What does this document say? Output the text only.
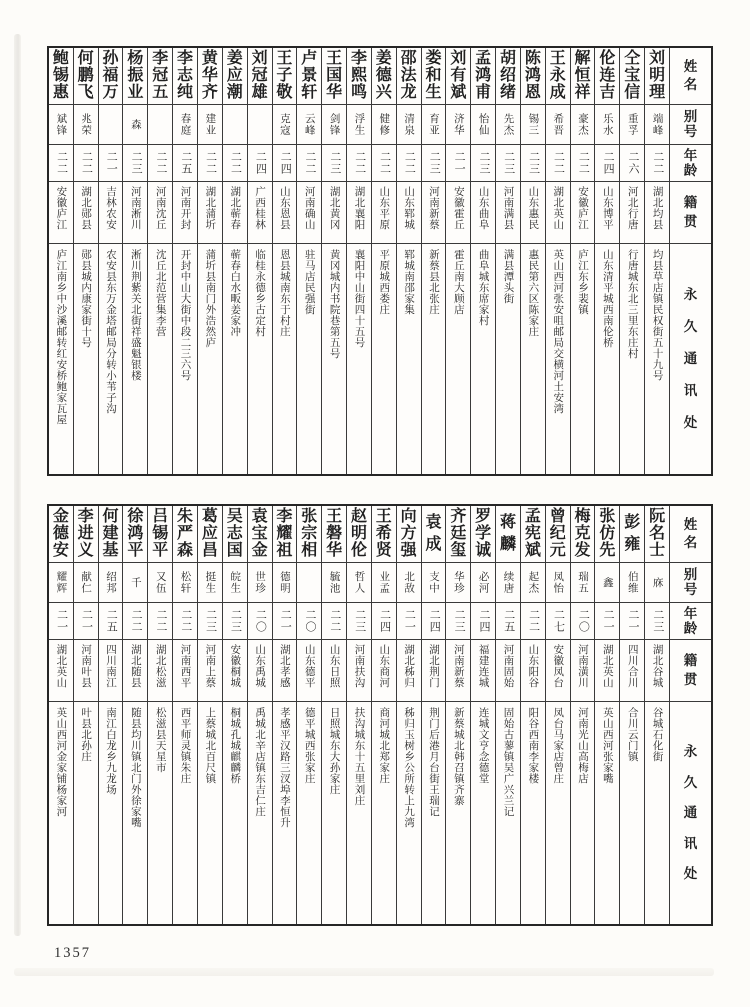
姓
名
别
号
年
龄
籍
贯
永
久
通
讯
处
刘
明
理
端峰
二二
湖北均县
均县草店镇民权街五十九号
仝
宝
信
重孚
二六
河北行唐
行唐城东北三里东庄村
伦
连
吉
乐水
二四
山东博平
山东清平城西南伦桥
解
恒
祥
豪杰
二二
安徽庐江
庐江东乡裴镇
王
永
成
希晋
二二
湖北英山
英山西河张安咀邮局交横河土安湾
陈
鸿
恩
锡三
二三
山东惠民
惠民第六区陈家庄
胡
绍
绪
先杰
二三
河南满县
满县潭头街
孟
鸿
甫
怡仙
二三
山东曲阜
曲阜城东席家村
刘
有
斌
济华
二一
安徽霍丘
霍丘南大顾店
娄
和
生
育亚
二三
河南新蔡
新蔡县北张庄
邵
法
龙
清泉
二二
山东郓城
郓城南邵家集
姜
德
兴
健修
二二
山东平原
平原城西娄庄
李
熙
鸣
浮生
二二
湖北襄阳
襄阳中山街四十五号
王
国
华
剑锋
二三
湖北黄冈
黄冈城内书院巷第五号
卢
景
轩
云峰
二二
河南确山
驻马店民强街
王
子
敬
克寇
二四
山东恩县
恩县城南东于村庄
刘
冠
雄
二四
广西桂林
临桂永德乡古定村
姜
应
潮
二二
湖北蕲春
蕲春白水畈姜家冲
黄
华
齐
建业
二二
湖北蒲圻
蒲圻县南门外浩然庐
李
志
纯
春庭
二五
河南开封
开封中山大街中段二三六号
李
冠
五
二二
河南沈丘
沈丘北范营集李营
杨
振
业
森
二三
河南淅川
淅川荆紫关北街祥盛魁银楼
孙
福
万
二一
吉林农安
农安县东万金塔邮局分转小苇子沟
何
鹏
飞
兆荣
二二
湖北郧县
郧县城内康家街十号
鲍
锡
惠
斌锋
二二
安徽庐江
庐江南乡中沙溪邮转红安桥鲍家瓦屋
姓
名
别
号
年
龄
籍
贯
永
久
通
讯
处
阮
名
士
庥
二三
湖北谷城
谷城石化街
彭
雍
伯维
二一
四川合川
合川云门镇
张
仿
先
鑫
二一
湖北英山
英山西河张家嘴
梅
克
发
瑞五
二〇
河南潢川
河南光山高梅店
曾
纪
元
凤怡
二七
安徽凤台
凤台马家店曾庄
孟
宪
斌
起杰
二二
山东阳谷
阳谷西南李家楼
蒋
麟
续唐
二五
河南固始
固始古蓼镇吴广兴兰记
罗
学
诚
必河
二四
福建连城
连城文亨念德堂
齐
廷
玺
华珍
二三
河南新蔡
新蔡城北韩召镇齐寨
袁
成
支中
二四
湖北荆门
荆门后港月台街王瑞记
向
方
强
北敌
二一
湖北秭归
秭归玉树乡公所转上九湾
王
希
贤
业孟
二四
山东商河
商河城北郑家庄
赵
明
伦
哲人
二三
河南扶沟
扶沟城东十五里刘庄
王
磐
华
毓池
二二
山东日照
日照城东大孙家庄
张
宗
相
二〇
山东德平
德平城西张家庄
李
耀
祖
德明
二一
湖北孝感
孝感平汉路三汊埠李恒升
袁
宝
金
世珍
二〇
山东禹城
禹城北辛店镇东吉仁庄
吴
志
国
皖生
二三
安徽桐城
桐城孔城麒麟桥
葛
应
昌
挺生
二三
河南上蔡
上蔡城北百尺镇
朱
严
森
松轩
二二
河南西平
西平师灵镇朱庄
吕
锡
平
又伍
二二
湖北松滋
松滋县天星市
徐
鸿
平
千
二二
湖北随县
随县均川镇北门外徐家嘴
何
建
基
绍邦
二五
四川南江
南江白龙乡九龙场
李
进
义
献仁
二一
河南叶县
叶县北孙庄
金
德
安
耀辉
二一
湖北英山
英山西河金家铺杨家河
1357
